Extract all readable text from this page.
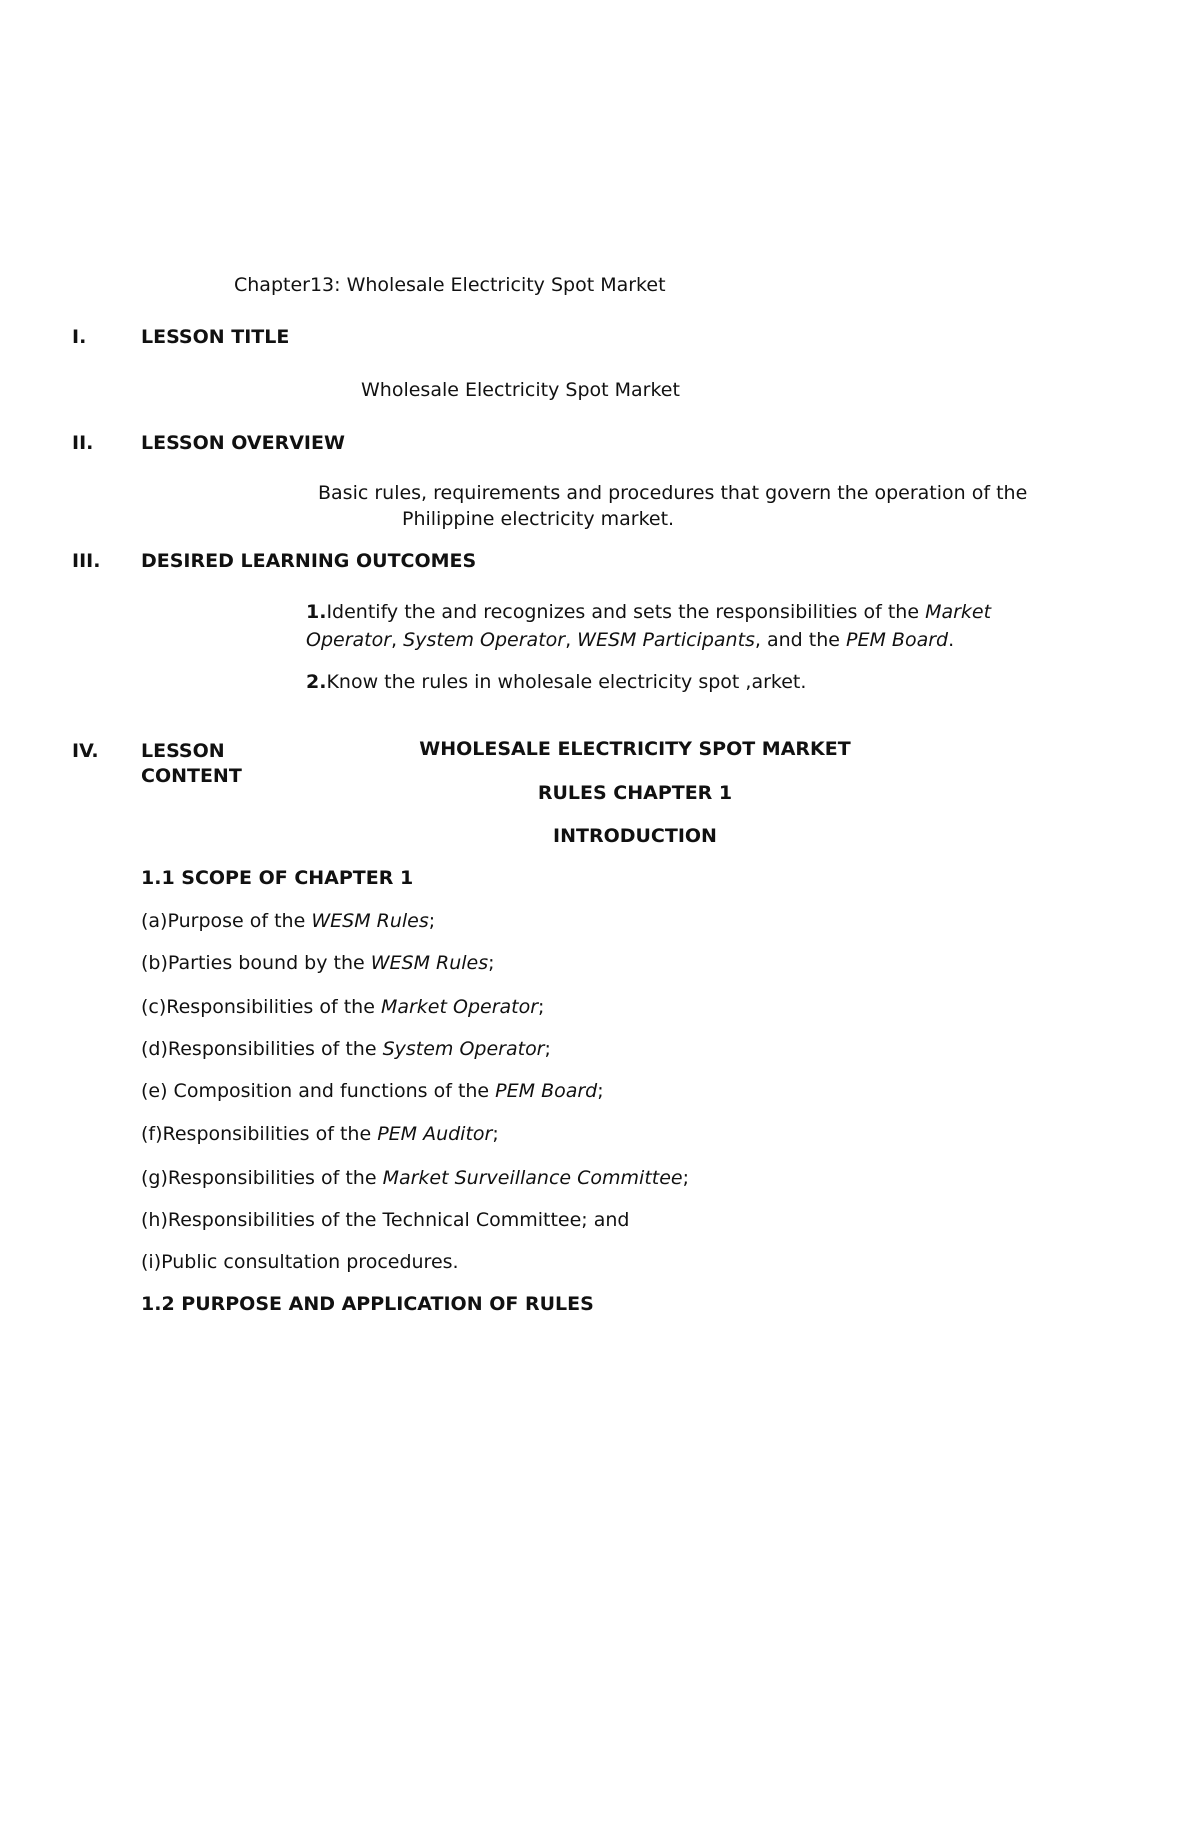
Chapter13: Wholesale Electricity Spot Market
I.	LESSON TITLE
Wholesale Electricity Spot Market
II.	LESSON OVERVIEW
Basic rules, requirements and procedures that govern the operation of the
Philippine electricity market.
III. DESIRED LEARNING OUTCOMES
1.Identify the and recognizes and sets the responsibilities of the Market
Operator, System Operator, WESM Participants, and the PEM Board.
2.Know the rules in wholesale electricity spot ,arket.
IV. LESSON
CONTENT
WHOLESALE ELECTRICITY SPOT MARKET
RULES CHAPTER 1
INTRODUCTION
1.1 SCOPE OF CHAPTER 1
(a)Purpose of the WESM Rules;
(b)Parties bound by the WESM Rules;
(c)Responsibilities of the Market Operator;
(d)Responsibilities of the System Operator;
(e) Composition and functions of the PEM Board;
(f)Responsibilities of the PEM Auditor;
(g)Responsibilities of the Market Surveillance Committee;
(h)Responsibilities of the Technical Committee; and
(i)Public consultation procedures.
1.2 PURPOSE AND APPLICATION OF RULES
